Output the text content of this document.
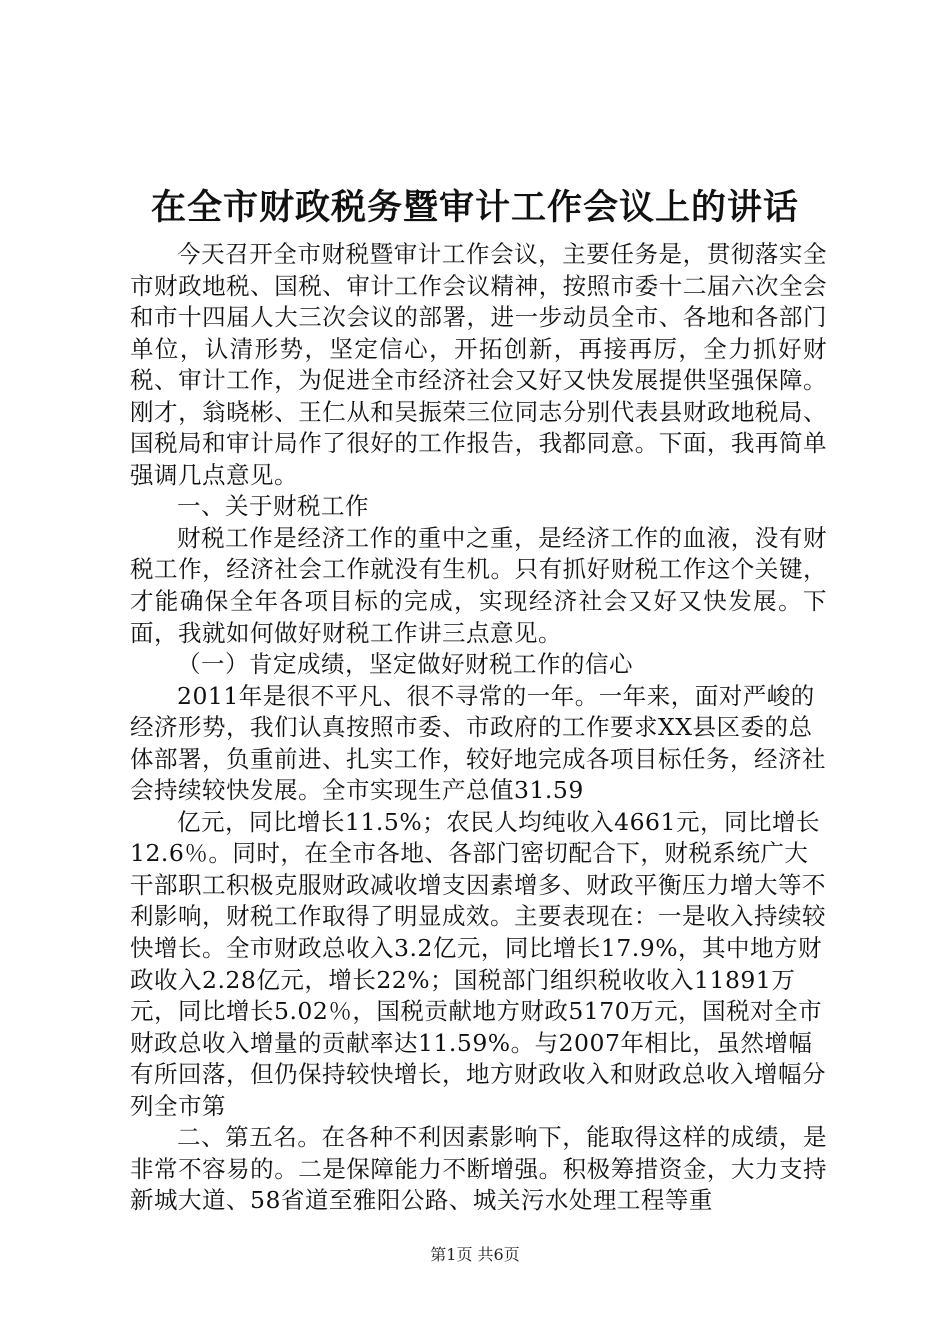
在全市财政税务暨审计工作会议上的讲话

今天召开全市财税暨审计工作会议，主要任务是，贯彻落实全市财政地税、国税、审计工作会议精神，按照市委十二届六次全会和市十四届人大三次会议的部署，进一步动员全市、各地和各部门单位，认清形势，坚定信心，开拓创新，再接再厉，全力抓好财税、审计工作，为促进全市经济社会又好又快发展提供坚强保障。刚才，翁晓彬、王仁从和吴振荣三位同志分别代表县财政地税局、国税局和审计局作了很好的工作报告，我都同意。下面，我再简单强调几点意见。

一、关于财税工作

财税工作是经济工作的重中之重，是经济工作的血液，没有财税工作，经济社会工作就没有生机。只有抓好财税工作这个关键，才能确保全年各项目标的完成，实现经济社会又好又快发展。下面，我就如何做好财税工作讲三点意见。

（一）肯定成绩，坚定做好财税工作的信心

2011年是很不平凡、很不寻常的一年。一年来，面对严峻的经济形势，我们认真按照市委、市政府的工作要求XX县区委的总体部署，负重前进、扎实工作，较好地完成各项目标任务，经济社会持续较快发展。全市实现生产总值31.59

亿元，同比增长11.5%；农民人均纯收入4661元，同比增长12.6％。同时，在全市各地、各部门密切配合下，财税系统广大干部职工积极克服财政减收增支因素增多、财政平衡压力增大等不利影响，财税工作取得了明显成效。主要表现在：一是收入持续较快增长。全市财政总收入3.2亿元，同比增长17.9%，其中地方财政收入2.28亿元，增长22%；国税部门组织税收收入11891万元，同比增长5.02％，国税贡献地方财政5170万元，国税对全市财政总收入增量的贡献率达11.59%。与2007年相比，虽然增幅有所回落，但仍保持较快增长，地方财政收入和财政总收入增幅分列全市第

二、第五名。在各种不利因素影响下，能取得这样的成绩，是非常不容易的。二是保障能力不断增强。积极筹措资金，大力支持新城大道、58省道至雅阳公路、城关污水处理工程等重

第1页 共6页
